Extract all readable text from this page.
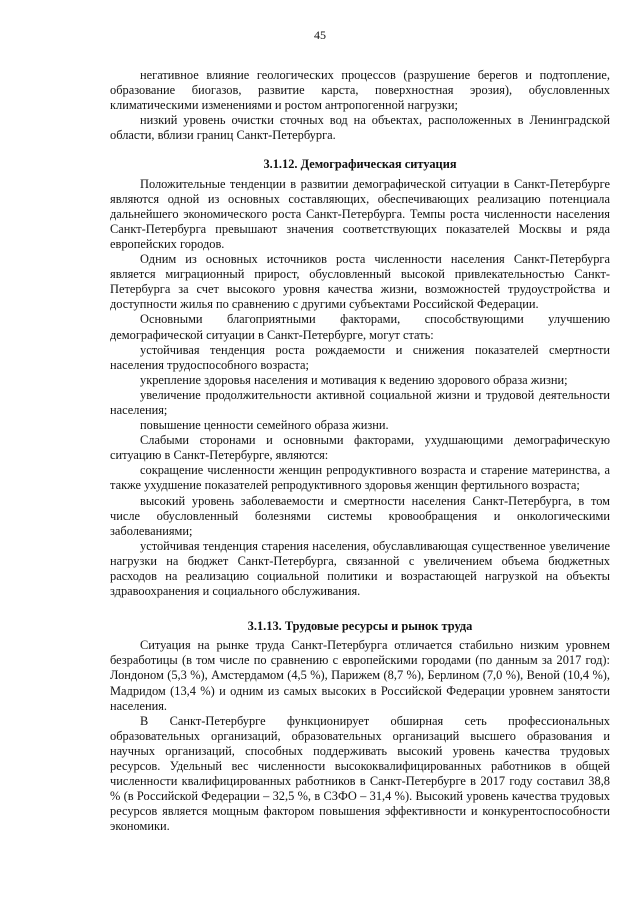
45

негативное влияние геологических процессов (разрушение берегов и подтопление, образование биогазов, развитие карста, поверхностная эрозия), обусловленных климатическими изменениями и ростом антропогенной нагрузки;

низкий уровень очистки сточных вод на объектах, расположенных в Ленинградской области, вблизи границ Санкт-Петербурга.

3.1.12. Демографическая ситуация

Положительные тенденции в развитии демографической ситуации в Санкт-Петербурге являются одной из основных составляющих, обеспечивающих реализацию потенциала дальнейшего экономического роста Санкт-Петербурга. Темпы роста численности населения Санкт-Петербурга превышают значения соответствующих показателей Москвы и ряда европейских городов.

Одним из основных источников роста численности населения Санкт-Петербурга является миграционный прирост, обусловленный высокой привлекательностью Санкт-Петербурга за счет высокого уровня качества жизни, возможностей трудоустройства и доступности жилья по сравнению с другими субъектами Российской Федерации.

Основными благоприятными факторами, способствующими улучшению демографической ситуации в Санкт-Петербурге, могут стать:

устойчивая тенденция роста рождаемости и снижения показателей смертности населения трудоспособного возраста;

укрепление здоровья населения и мотивация к ведению здорового образа жизни;

увеличение продолжительности активной социальной жизни и трудовой деятельности населения;

повышение ценности семейного образа жизни.

Слабыми сторонами и основными факторами, ухудшающими демографическую ситуацию в Санкт-Петербурге, являются:

сокращение численности женщин репродуктивного возраста и старение материнства, а также ухудшение показателей репродуктивного здоровья женщин фертильного возраста;

высокий уровень заболеваемости и смертности населения Санкт-Петербурга, в том числе обусловленный болезнями системы кровообращения и онкологическими заболеваниями;

устойчивая тенденция старения населения, обуславливающая существенное увеличение нагрузки на бюджет Санкт-Петербурга, связанной с увеличением объема бюджетных расходов на реализацию социальной политики и возрастающей нагрузкой на объекты здравоохранения и социального обслуживания.

3.1.13. Трудовые ресурсы и рынок труда

Ситуация на рынке труда Санкт-Петербурга отличается стабильно низким уровнем безработицы (в том числе по сравнению с европейскими городами (по данным за 2017 год): Лондоном (5,3 %), Амстердамом (4,5 %), Парижем (8,7 %), Берлином (7,0 %), Веной (10,4 %), Мадридом (13,4 %) и одним из самых высоких в Российской Федерации уровнем занятости населения.

В Санкт-Петербурге функционирует обширная сеть профессиональных образовательных организаций, образовательных организаций высшего образования и научных организаций, способных поддерживать высокий уровень качества трудовых ресурсов. Удельный вес численности высококвалифицированных работников в общей численности квалифицированных работников в Санкт-Петербурге в 2017 году составил 38,8 % (в Российской Федерации – 32,5 %, в СЗФО – 31,4 %). Высокий уровень качества трудовых ресурсов является мощным фактором повышения эффективности и конкурентоспособности экономики.
